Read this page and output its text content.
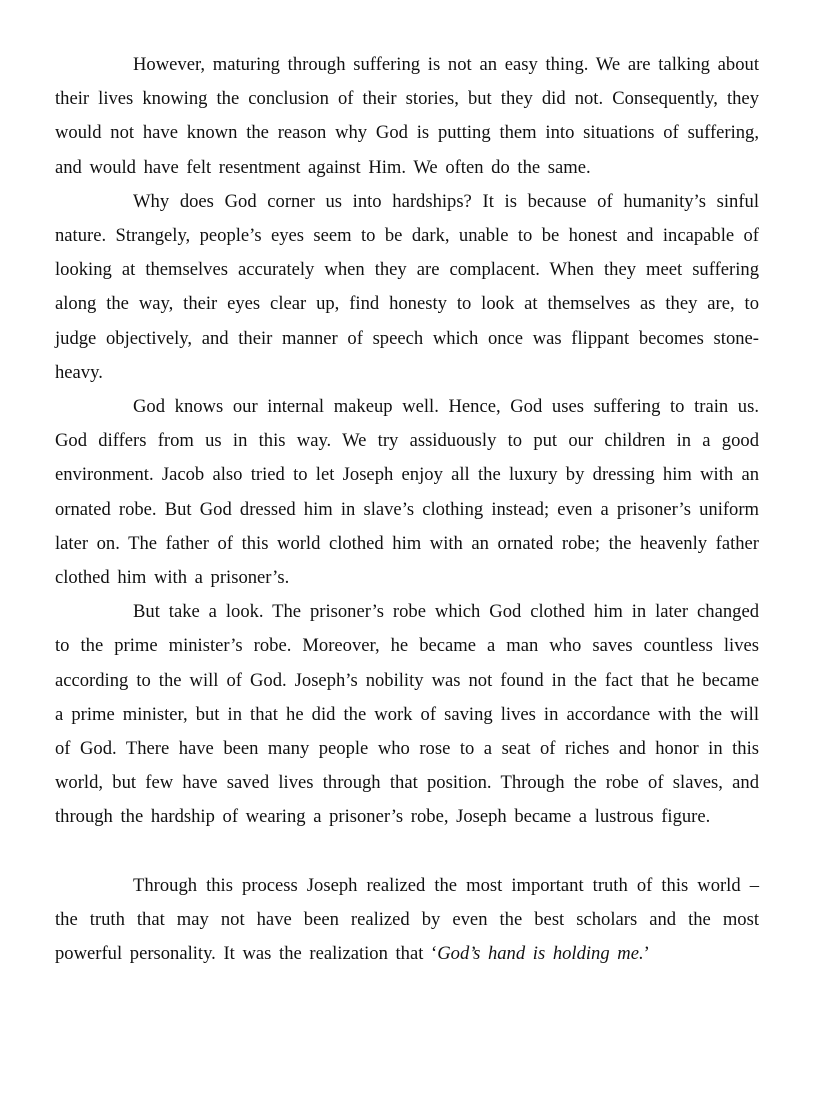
However, maturing through suffering is not an easy thing. We are talking about their lives knowing the conclusion of their stories, but they did not. Consequently, they would not have known the reason why God is putting them into situations of suffering, and would have felt resentment against Him. We often do the same.

Why does God corner us into hardships? It is because of humanity’s sinful nature. Strangely, people’s eyes seem to be dark, unable to be honest and incapable of looking at themselves accurately when they are complacent. When they meet suffering along the way, their eyes clear up, find honesty to look at themselves as they are, to judge objectively, and their manner of speech which once was flippant becomes stone-heavy.

God knows our internal makeup well. Hence, God uses suffering to train us. God differs from us in this way. We try assiduously to put our children in a good environment. Jacob also tried to let Joseph enjoy all the luxury by dressing him with an ornated robe. But God dressed him in slave’s clothing instead; even a prisoner’s uniform later on. The father of this world clothed him with an ornated robe; the heavenly father clothed him with a prisoner’s.

But take a look. The prisoner’s robe which God clothed him in later changed to the prime minister’s robe. Moreover, he became a man who saves countless lives according to the will of God. Joseph’s nobility was not found in the fact that he became a prime minister, but in that he did the work of saving lives in accordance with the will of God. There have been many people who rose to a seat of riches and honor in this world, but few have saved lives through that position. Through the robe of slaves, and through the hardship of wearing a prisoner’s robe, Joseph became a lustrous figure.

Through this process Joseph realized the most important truth of this world – the truth that may not have been realized by even the best scholars and the most powerful personality. It was the realization that ‘God’s hand is holding me.’
